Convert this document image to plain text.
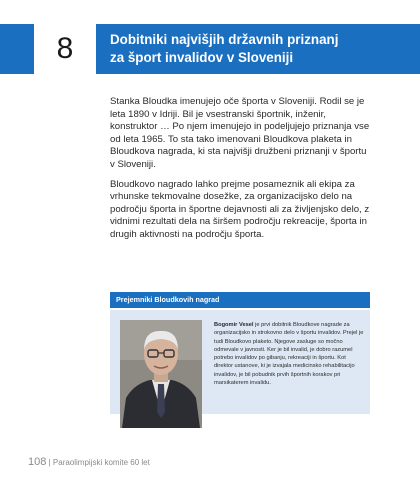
8	Dobitniki najvišjih državnih priznanj
za šport invalidov v Sloveniji

Stanka Bloudka imenujejo oče športa v Sloveniji. Rodil se je leta 1890 v Idriji. Bil je vsestranski športnik, inženir, konstruktor … Po njem imenujejo in podeljujejo priznanja vse od leta 1965. To sta tako imenovani Bloudkova plaketa in Bloudkova nagrada, ki sta najvišji družbeni priznanji v športu v Sloveniji.

Bloudkovo nagrado lahko prejme posameznik ali ekipa za vrhunske tekmovalne dosežke, za organizacijsko delo na področju športa in športne dejavnosti ali za življenjsko delo, z vidnimi rezultati dela na širšem področju rekreacije, športa in drugih aktivnosti na področju športa.

Prejemniki Bloudkovih nagrad
Bogomir Vesel je prvi dobitnik Bloudkove nagrade za organizacijsko in strokovno delo v športu invalidov. Prejel je tudi Bloudkovo plaketo. Njegove zasluge so močno odmevale v javnosti. Ker je bil invalid, je dobro razumel potrebo invalidov po gibanju, rekreaciji in športu. Kot direktor ustanove, ki je izvajala medicinsko rehabilitacijo invalidov, je bil pobudnik prvih športnih korakov pri marsikaterem invalidu.
108 | Paraolimpijski komite 60 let
